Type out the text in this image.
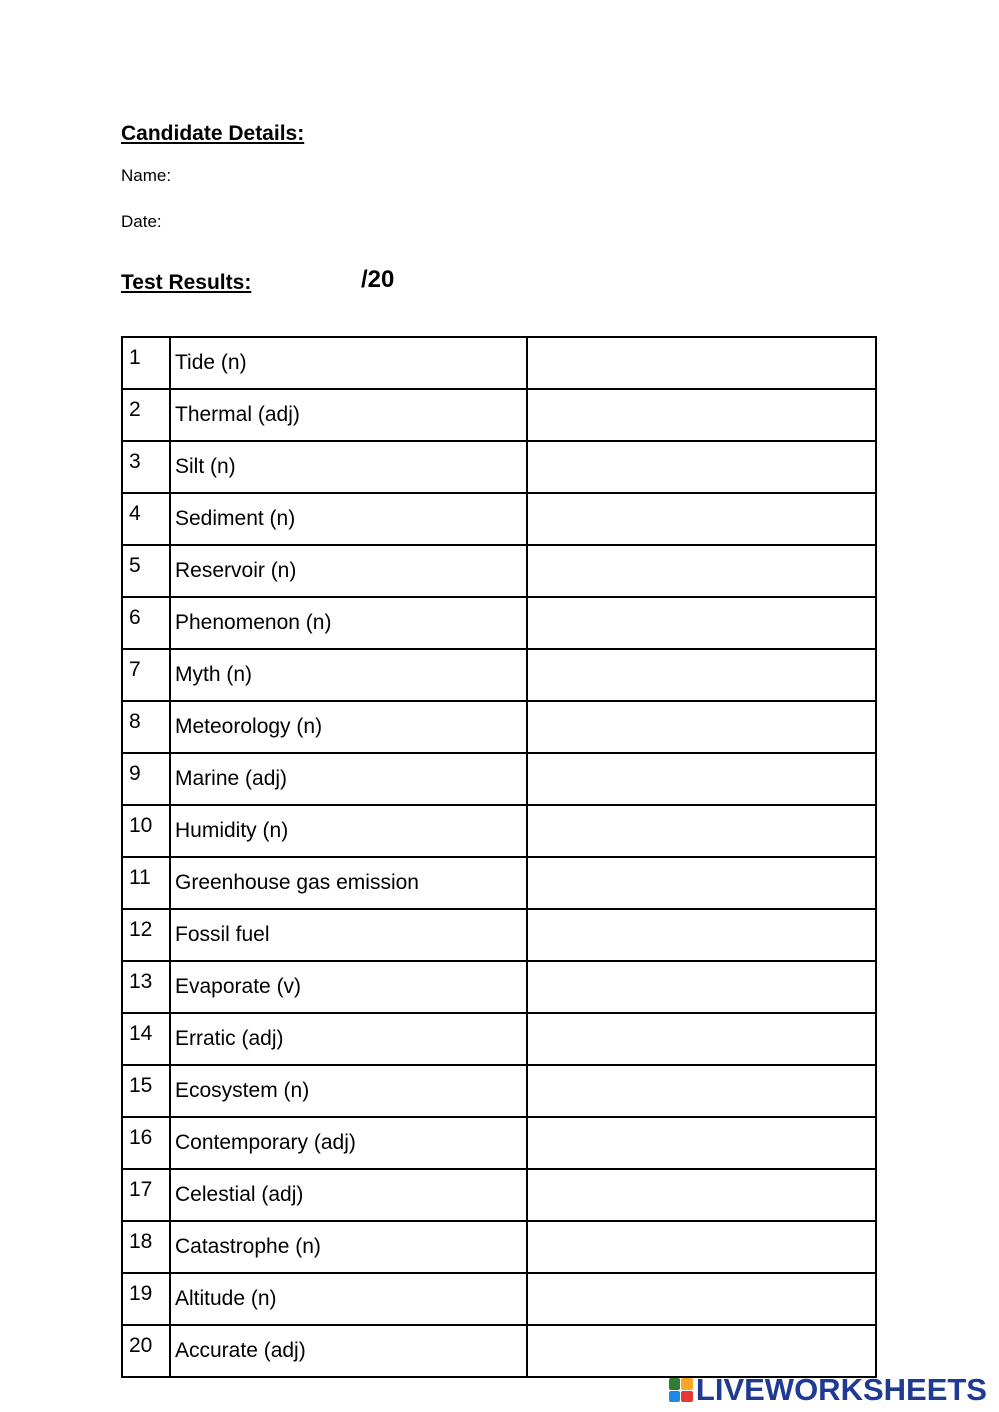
Candidate Details:
Name:
Date:
Test Results:	/20
1	Tide (n)	
2	Thermal (adj)	
3	Silt (n)	
4	Sediment (n)	
5	Reservoir (n)	
6	Phenomenon (n)	
7	Myth (n)	
8	Meteorology (n)	
9	Marine (adj)	
10	Humidity (n)	
11	Greenhouse gas emission	
12	Fossil fuel	
13	Evaporate (v)	
14	Erratic (adj)	
15	Ecosystem (n)	
16	Contemporary (adj)	
17	Celestial (adj)	
18	Catastrophe (n)	
19	Altitude (n)	
20	Accurate (adj)	
LIVEWORKSHEETS
